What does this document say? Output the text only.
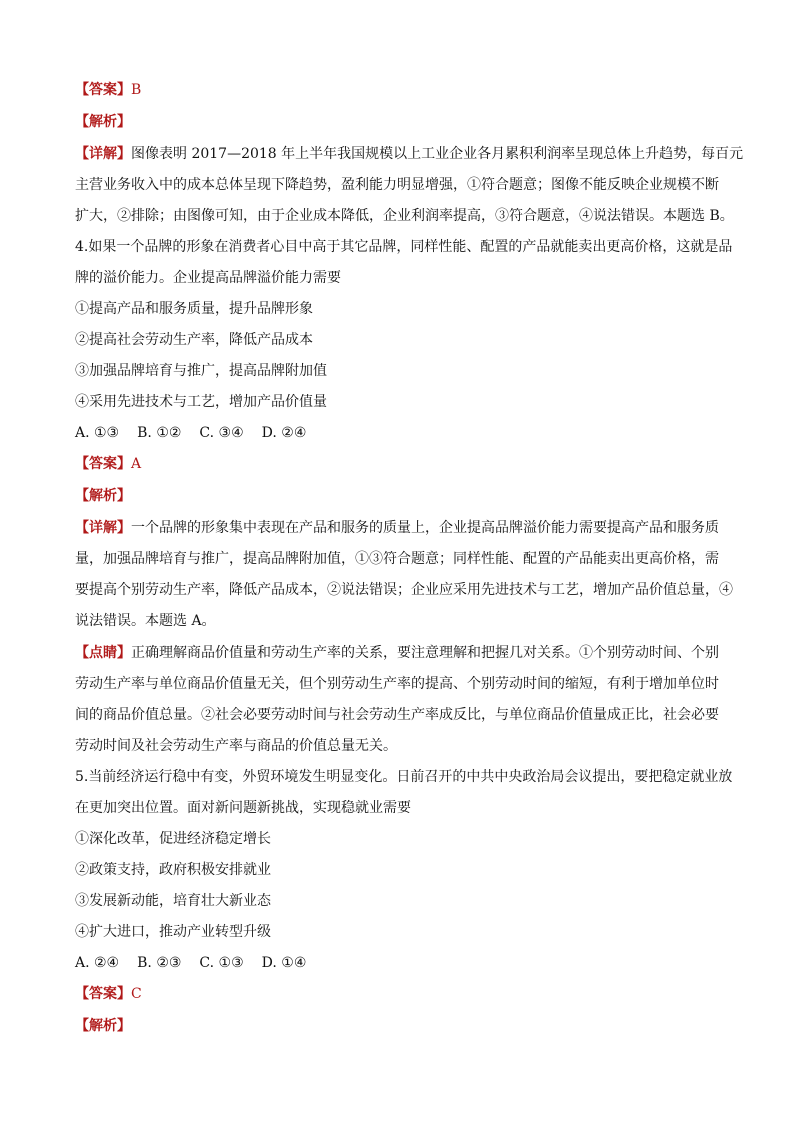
【答案】B
【解析】
【详解】图像表明 2017—2018 年上半年我国规模以上工业企业各月累积利润率呈现总体上升趋势，每百元
主营业务收入中的成本总体呈现下降趋势，盈利能力明显增强，①符合题意；图像不能反映企业规模不断
扩大，②排除；由图像可知，由于企业成本降低，企业利润率提高，③符合题意，④说法错误。本题选 B。
4.如果一个品牌的形象在消费者心目中高于其它品牌，同样性能、配置的产品就能卖出更高价格，这就是品
牌的溢价能力。企业提高品牌溢价能力需要
①提高产品和服务质量，提升品牌形象
②提高社会劳动生产率，降低产品成本
③加强品牌培育与推广，提高品牌附加值
④采用先进技术与工艺，增加产品价值量
A. ①③ B. ①② C. ③④ D. ②④
【答案】A
【解析】
【详解】一个品牌的形象集中表现在产品和服务的质量上，企业提高品牌溢价能力需要提高产品和服务质
量，加强品牌培育与推广，提高品牌附加值，①③符合题意；同样性能、配置的产品能卖出更高价格，需
要提高个别劳动生产率，降低产品成本，②说法错误；企业应采用先进技术与工艺，增加产品价值总量，④
说法错误。本题选 A。
【点睛】正确理解商品价值量和劳动生产率的关系，要注意理解和把握几对关系。①个别劳动时间、个别
劳动生产率与单位商品价值量无关，但个别劳动生产率的提高、个别劳动时间的缩短，有利于增加单位时
间的商品价值总量。②社会必要劳动时间与社会劳动生产率成反比，与单位商品价值量成正比，社会必要
劳动时间及社会劳动生产率与商品的价值总量无关。
5.当前经济运行稳中有变，外贸环境发生明显变化。日前召开的中共中央政治局会议提出，要把稳定就业放
在更加突出位置。面对新问题新挑战，实现稳就业需要
①深化改革，促进经济稳定增长
②政策支持，政府积极安排就业
③发展新动能，培育壮大新业态
④扩大进口，推动产业转型升级
A. ②④ B. ②③ C. ①③ D. ①④
【答案】C
【解析】
